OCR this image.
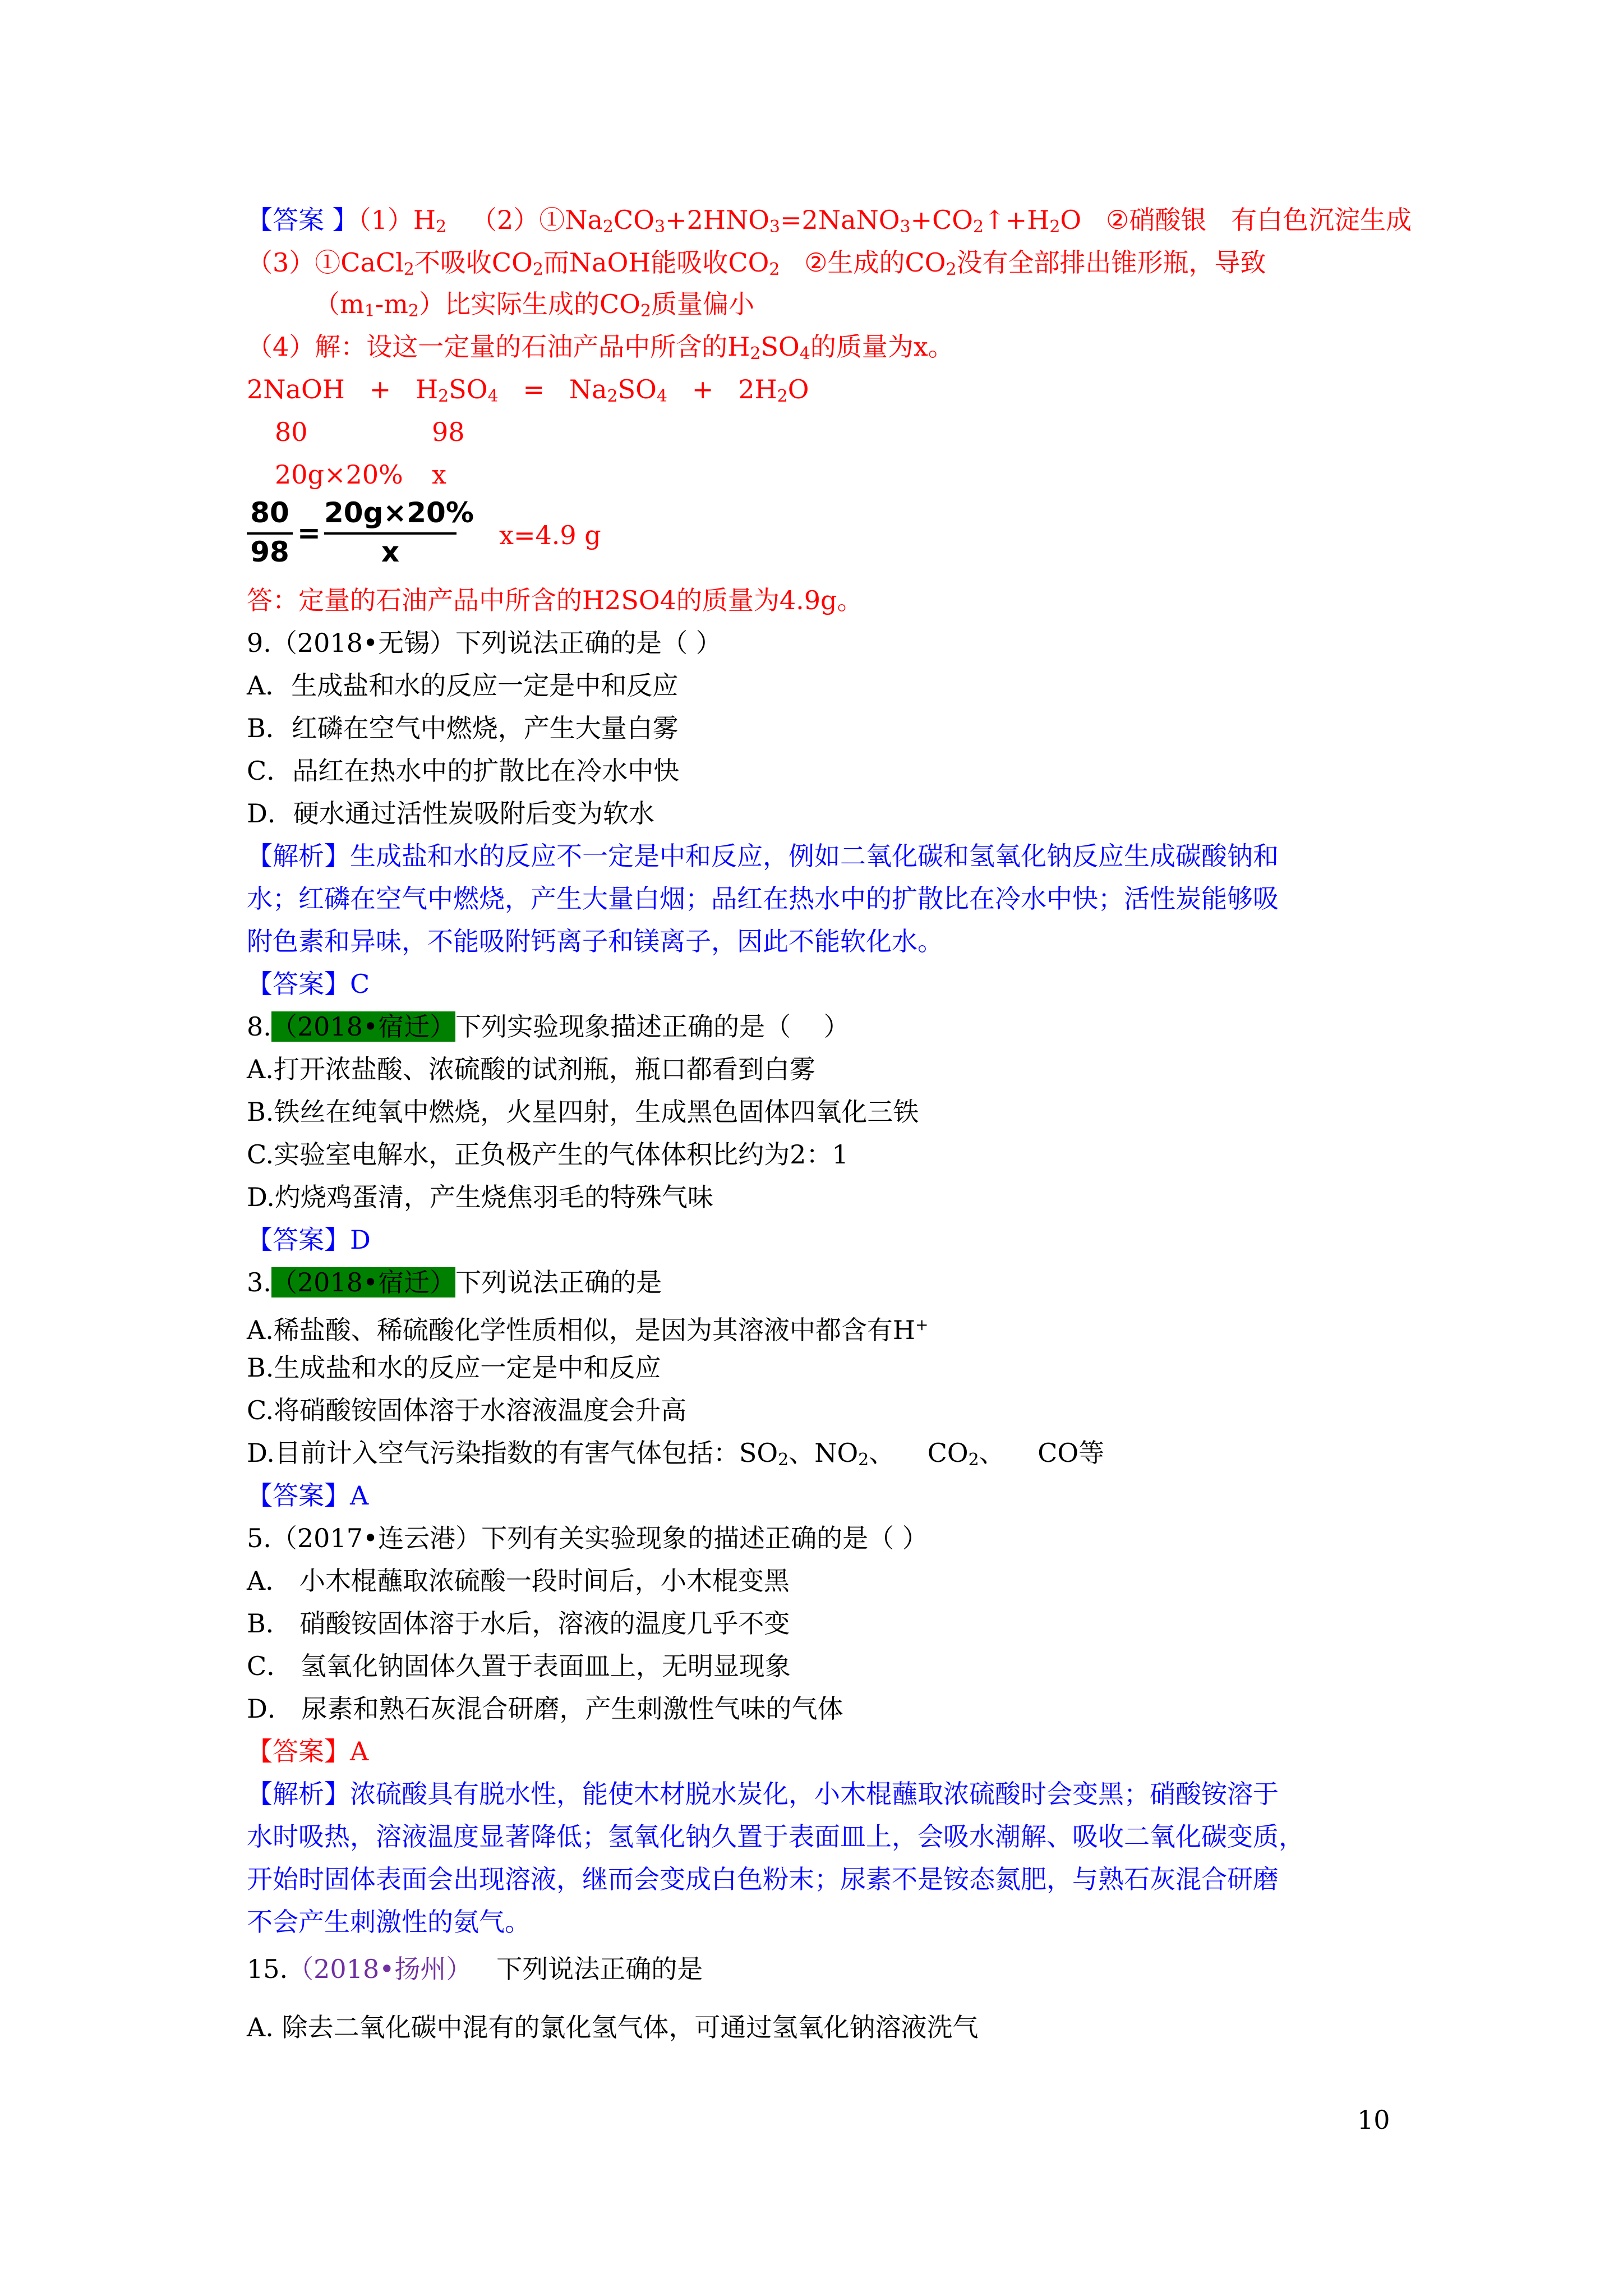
【答案 】$(1)H_2$   $(2)①Na_2CO_3+2HNO_3=2NaNO_3+CO_2↑+H_2O$   ②硝酸银   有白色沉淀生成
（3）①CaCl$_2$不吸收$CO_2$而NaOH能吸收$CO_2$   ②生成的$CO_2$没有全部排出锥形瓶，导致
$(m_1-m_2)$比实际生成的$CO_2$质量偏小
（4）解：设这一定量的石油产品中所含的$H_2SO_4$的质量为x。
2NaOH   +   $H_2SO_4 = Na_2SO_4 + 2H_2O$
80	98
20g×20% x
80
98
=
20g×20%
x
x=4.9 g
答：定量的石油产品中所含的H2SO4的质量为4.9g。
9.（2018•无锡）下列说法正确的是（ ）
A．生成盐和水的反应一定是中和反应
B．红磷在空气中燃烧，产生大量白雾
C．品红在热水中的扩散比在冷水中快
D．硬水通过活性炭吸附后变为软水
【解析】生成盐和水的反应不一定是中和反应，例如二氧化碳和氢氧化钠反应生成碳酸钠和
水；红磷在空气中燃烧，产生大量白烟；品红在热水中的扩散比在冷水中快；活性炭能够吸
附色素和异味，不能吸附钙离子和镁离子，因此不能软化水。
【答案】C
8.（2018•宿迁）下列实验现象描述正确的是（    ）
A.打开浓盐酸、浓硫酸的试剂瓶，瓶口都看到白雾
B.铁丝在纯氧中燃烧，火星四射，生成黑色固体四氧化三铁
C.实验室电解水，正负极产生的气体体积比约为2：1
D.灼烧鸡蛋清，产生烧焦羽毛的特殊气味
【答案】D
3.（2018•宿迁）下列说法正确的是
A.稀盐酸、稀硫酸化学性质相似，是因为其溶液中都含有H+
B.生成盐和水的反应一定是中和反应
C.将硝酸铵固体溶于水溶液温度会升高
D.目前计入空气污染指数的有害气体包括：$SO_2$、$NO_2$、    $CO_2$、    CO等
【答案】A
5.（2017•连云港）下列有关实验现象的描述正确的是（ ）
A． 小木棍蘸取浓硫酸一段时间后，小木棍变黑
B． 硝酸铵固体溶于水后，溶液的温度几乎不变
C． 氢氧化钠固体久置于表面皿上，无明显现象
D． 尿素和熟石灰混合研磨，产生刺激性气味的气体
【答案】A
【解析】浓硫酸具有脱水性，能使木材脱水炭化，小木棍蘸取浓硫酸时会变黑；硝酸铵溶于
水时吸热，溶液温度显著降低；氢氧化钠久置于表面皿上，会吸水潮解、吸收二氧化碳变质，
开始时固体表面会出现溶液，继而会变成白色粉末；尿素不是铵态氮肥，与熟石灰混合研磨
不会产生刺激性的氨气。
15.（2018•扬州）   下列说法正确的是
A. 除去二氧化碳中混有的氯化氢气体，可通过氢氧化钠溶液洗气
10
